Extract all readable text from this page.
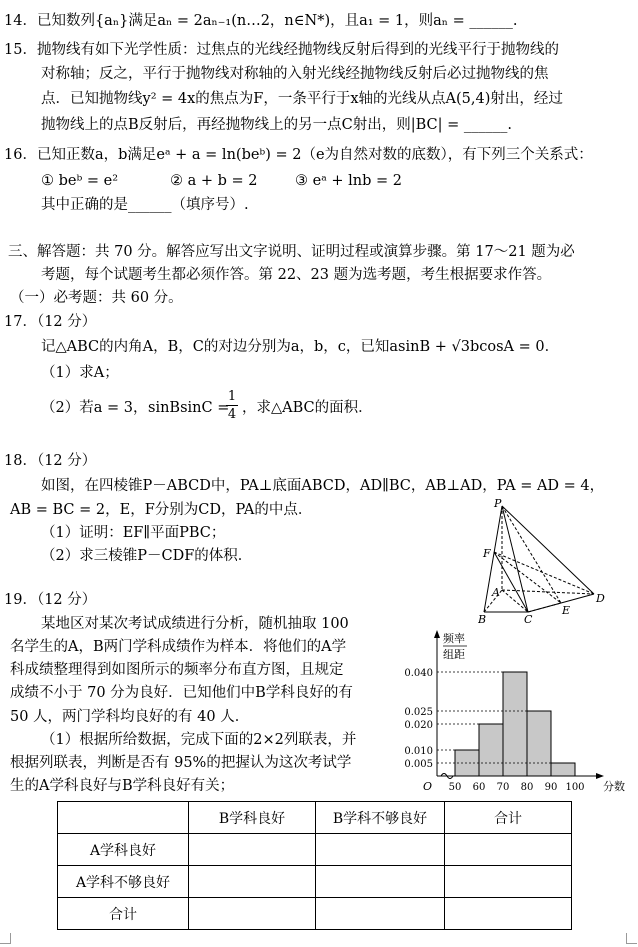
14．已知数列{aₙ}满足aₙ = 2aₙ₋₁(n…2，n∈N*)，且a₁ = 1，则aₙ = ______.
15．抛物线有如下光学性质：过焦点的光线经抛物线反射后得到的光线平行于抛物线的
对称轴；反之，平行于抛物线对称轴的入射光线经抛物线反射后必过抛物线的焦
点．已知抛物线y² = 4x的焦点为F，一条平行于x轴的光线从点A(5,4)射出，经过
抛物线上的点B反射后，再经抛物线上的另一点C射出，则|BC| = ______.
16．已知正数a，b满足eᵃ + a = ln(beᵇ) = 2（e为自然对数的底数），有下列三个关系式：
① beᵇ = e²	② a + b = 2	③ eᵃ + lnb = 2
其中正确的是______（填序号）.
三、解答题：共 70 分。解答应写出文字说明、证明过程或演算步骤。第 17～21 题为必
考题，每个试题考生都必须作答。第 22、23 题为选考题，考生根据要求作答。
（一）必考题：共 60 分。
17．（12 分）
记△ABC的内角A，B，C的对边分别为a，b，c，已知asinB + √3bcosA = 0．
（1）求A；
（2）若a = 3， sinBsinC =
$\frac{1}{4}$ ，求△ABC的面积．
18．（12 分）
如图，在四棱锥P－ABCD中，PA⊥底面ABCD，AD∥BC，AB⊥AD，PA = AD = 4，
AB = BC = 2，E，F分别为CD，PA的中点．
（1）证明：EF∥平面PBC；
（2）求三棱锥P－CDF的体积．
P
F
A
B	C
D
E
19．（12 分）
某地区对某次考试成绩进行分析，随机抽取 100
名学生的A，B两门学科成绩作为样本．将他们的A学
科成绩整理得到如图所示的频率分布直方图，且规定
成绩不小于 70 分为良好．已知他们中B学科良好的有
50 人，两门学科均良好的有 40 人．
（1）根据所给数据，完成下面的2×2列联表，并
根据列联表，判断是否有 95%的把握认为这次考试学
生的A学科良好与B学科良好有关；
0.005
0.010
0.020
0.025
0.040
50 60 70 80 90 100
O	分数
频率
组距
	B学科良好	B学科不够良好	合计
A学科良好			
A学科不够良好			
合计			
